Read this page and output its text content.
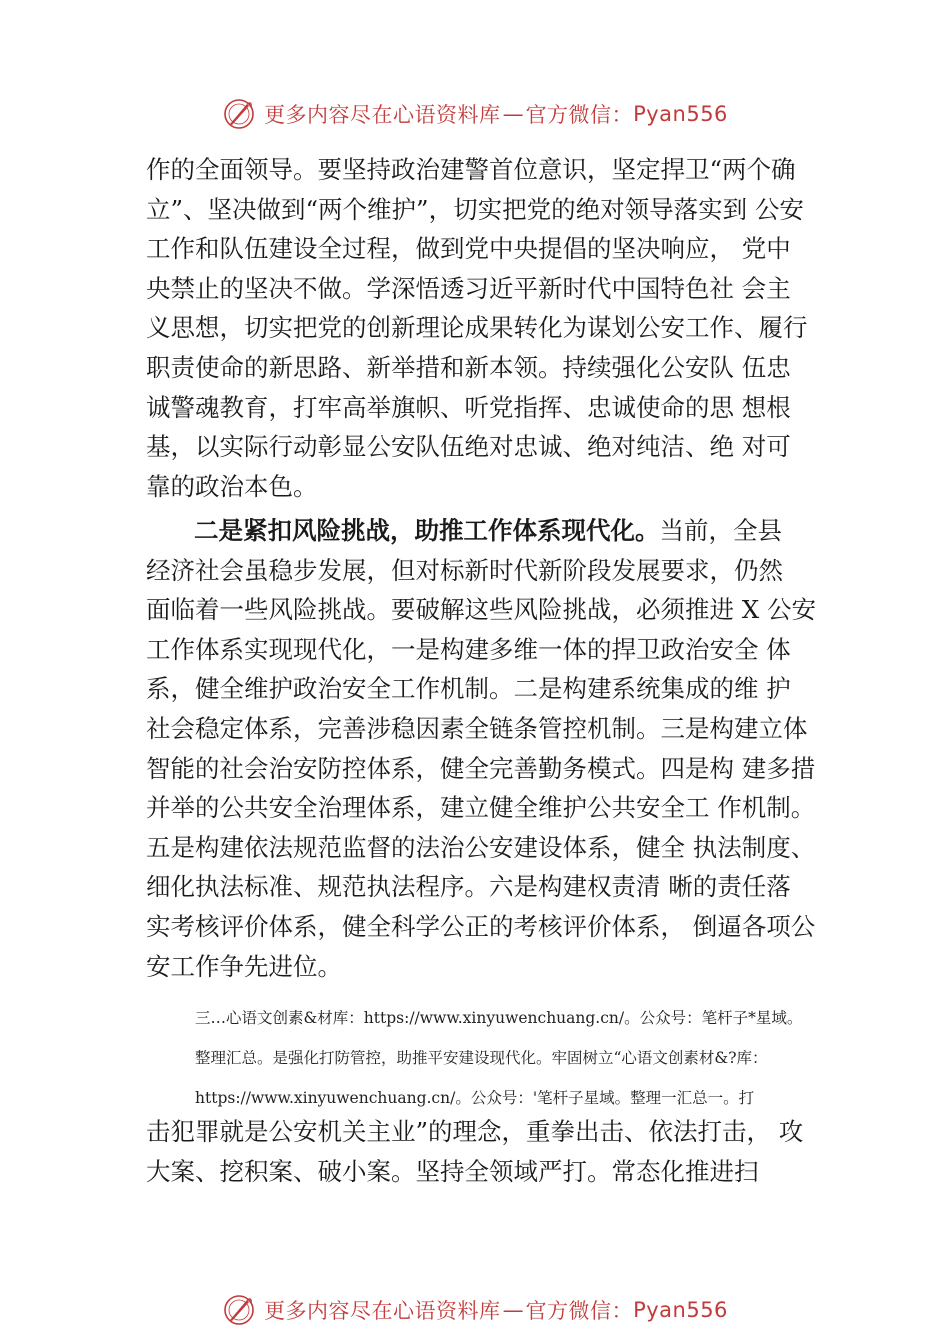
更多内容尽在心语资料库 — 官方微信： Pyan556
作的全面领导。要坚持政治建警首位意识，坚定捍卫“两个确
立”、坚决做到“两个维护”，切实把党的绝对领导落实到 公安
工作和队伍建设全过程，做到党中央提倡的坚决响应， 党中
央禁止的坚决不做。学深悟透习近平新时代中国特色社 会主
义思想，切实把党的创新理论成果转化为谋划公安工作、履行
职责使命的新思路、新举措和新本领。持续强化公安队 伍忠
诚警魂教育，打牢高举旗帜、听党指挥、忠诚使命的思 想根
基，以实际行动彰显公安队伍绝对忠诚、绝对纯洁、绝 对可
靠的政治本色。
二是紧扣风险挑战，助推工作体系现代化。当前，全县
经济社会虽稳步发展，但对标新时代新阶段发展要求，仍然
面临着一些风险挑战。要破解这些风险挑战，必须推进 X 公安
工作体系实现现代化，一是构建多维一体的捍卫政治安全 体
系，健全维护政治安全工作机制。二是构建系统集成的维 护
社会稳定体系，完善涉稳因素全链条管控机制。三是构建立体
智能的社会治安防控体系，健全完善勤务模式。四是构 建多措
并举的公共安全治理体系，建立健全维护公共安全工 作机制。
五是构建依法规范监督的法治公安建设体系，健全 执法制度、
细化执法标准、规范执法程序。六是构建权责清 晰的责任落
实考核评价体系，健全科学公正的考核评价体系， 倒逼各项公
安工作争先进位。
三…心语文创素&材库：https://www.xinyuwenchuang.cn/。公众号：笔杆子*星域。
整理汇总。是强化打防管控，助推平安建设现代化。牢固树立“心语文创素材&?库：
https://www.xinyuwenchuang.cn/。公众号：'笔杆子星域。整理一汇总一。打
击犯罪就是公安机关主业”的理念，重拳出击、依法打击， 攻
大案、挖积案、破小案。坚持全领域严打。常态化推进扫
更多内容尽在心语资料库 — 官方微信： Pyan556
